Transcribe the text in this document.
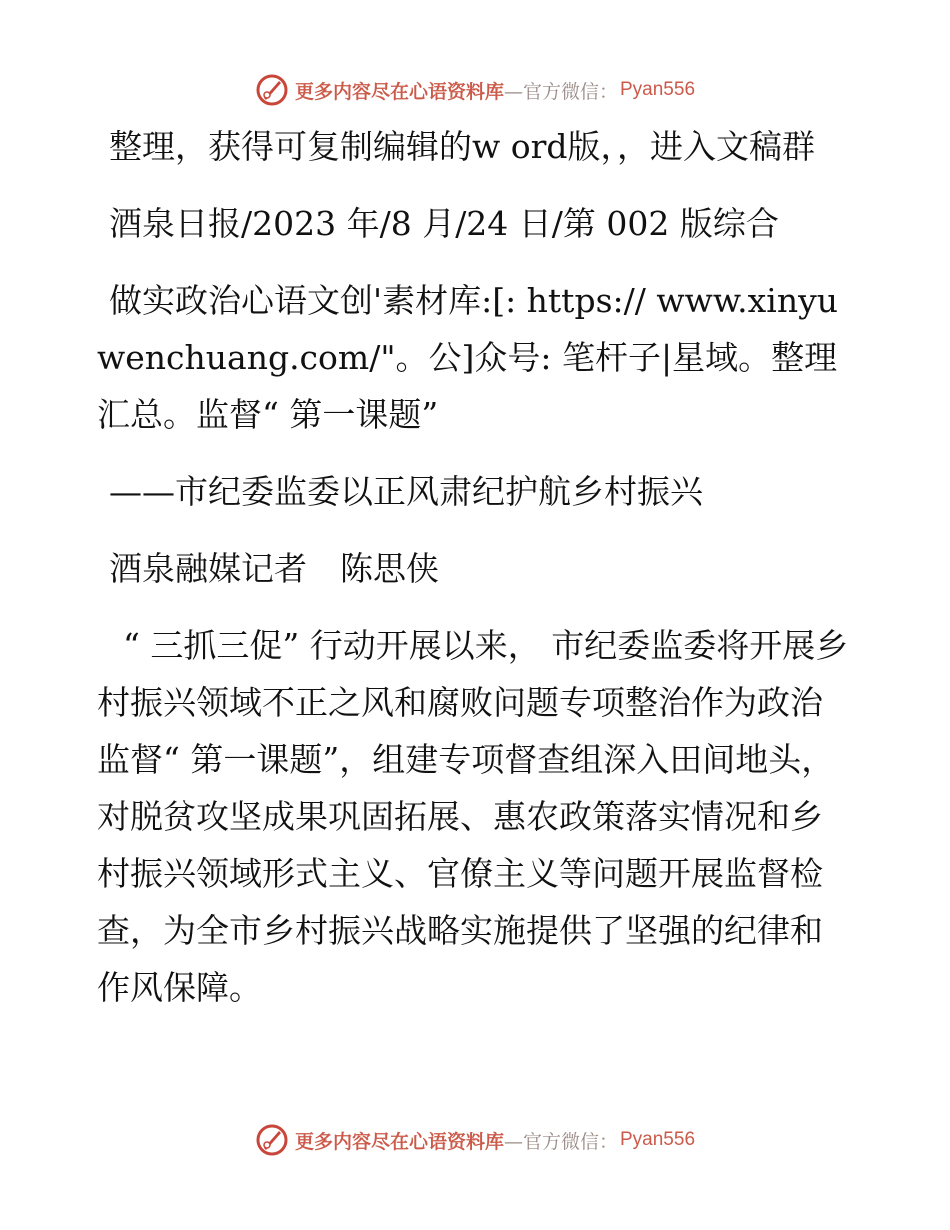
更多内容尽在心语资料库 —官方微信： Pyan556

整理，获得可复制编辑的w ord版，，进入文稿群

酒泉日报/2023 年/8 月/24 日/第 002 版综合

做实政治心语文创'素材库:[: https:// www.xinyuwenchuang.com/"。公]众号: 笔杆子|星域。整理汇总。监督“ 第一课题”

——市纪委监委以正风肃纪护航乡村振兴

酒泉融媒记者　陈思侠

“ 三抓三促” 行动开展以来， 市纪委监委将开展乡村振兴领域不正之风和腐败问题专项整治作为政治监督“ 第一课题”，组建专项督查组深入田间地头，对脱贫攻坚成果巩固拓展、惠农政策落实情况和乡村振兴领域形式主义、官僚主义等问题开展监督检查，为全市乡村振兴战略实施提供了坚强的纪律和作风保障。

更多内容尽在心语资料库 —官方微信： Pyan556
